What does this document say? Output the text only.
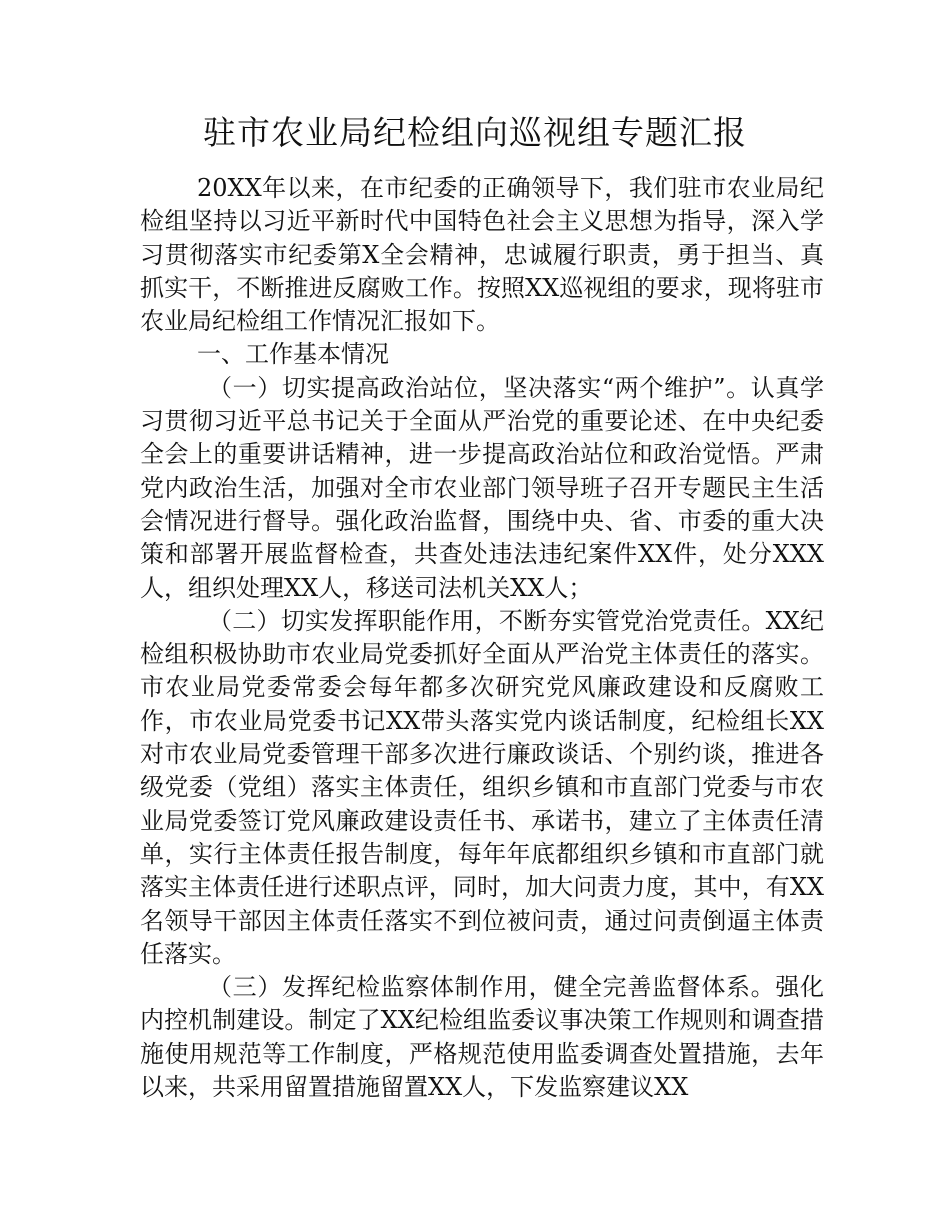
驻市农业局纪检组向巡视组专题汇报

20XX年以来，在市纪委的正确领导下，我们驻市农业局纪检组坚持以习近平新时代中国特色社会主义思想为指导，深入学习贯彻落实市纪委第X全会精神，忠诚履行职责，勇于担当、真抓实干，不断推进反腐败工作。按照XX巡视组的要求，现将驻市农业局纪检组工作情况汇报如下。

一、工作基本情况

（一）切实提高政治站位，坚决落实“两个维护”。认真学习贯彻习近平总书记关于全面从严治党的重要论述、在中央纪委全会上的重要讲话精神，进一步提高政治站位和政治觉悟。严肃党内政治生活，加强对全市农业部门领导班子召开专题民主生活会情况进行督导。强化政治监督，围绕中央、省、市委的重大决策和部署开展监督检查，共查处违法违纪案件XX件，处分XXX人，组织处理XX人，移送司法机关XX人；

（二）切实发挥职能作用，不断夯实管党治党责任。XX纪检组积极协助市农业局党委抓好全面从严治党主体责任的落实。市农业局党委常委会每年都多次研究党风廉政建设和反腐败工作，市农业局党委书记XX带头落实党内谈话制度，纪检组长XX对市农业局党委管理干部多次进行廉政谈话、个别约谈，推进各级党委（党组）落实主体责任，组织乡镇和市直部门党委与市农业局党委签订党风廉政建设责任书、承诺书，建立了主体责任清单，实行主体责任报告制度，每年年底都组织乡镇和市直部门就落实主体责任进行述职点评，同时，加大问责力度，其中，有XX名领导干部因主体责任落实不到位被问责，通过问责倒逼主体责任落实。

（三）发挥纪检监察体制作用，健全完善监督体系。强化内控机制建设。制定了XX纪检组监委议事决策工作规则和调查措施使用规范等工作制度，严格规范使用监委调查处置措施，去年以来，共采用留置措施留置XX人，下发监察建议XX
